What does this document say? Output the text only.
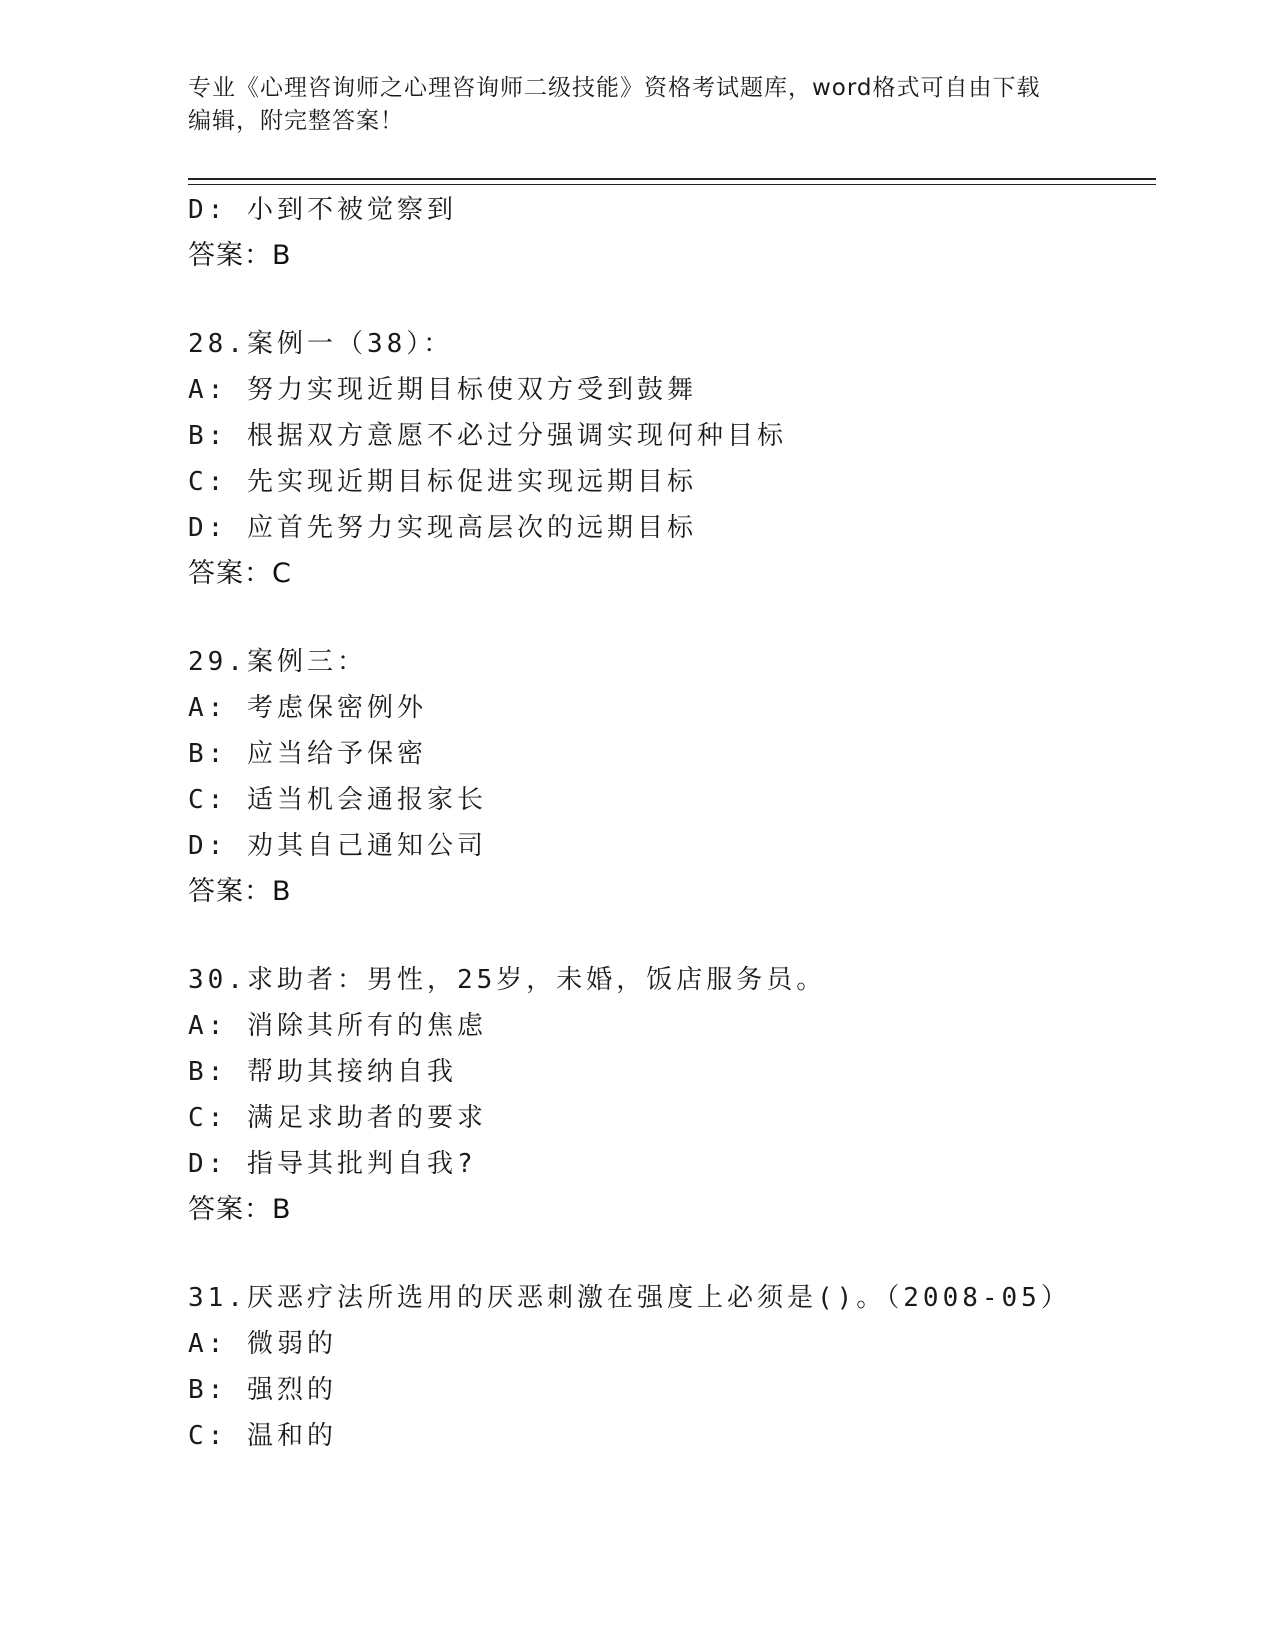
专业《心理咨询师之心理咨询师二级技能》资格考试题库，word格式可自由下载
编辑，附完整答案！
D: 小到不被觉察到
答案：B
28.案例一（38）：
A: 努力实现近期目标使双方受到鼓舞
B: 根据双方意愿不必过分强调实现何种目标
C: 先实现近期目标促进实现远期目标
D: 应首先努力实现高层次的远期目标
答案：C
29.案例三：
A: 考虑保密例外
B: 应当给予保密
C: 适当机会通报家长
D: 劝其自己通知公司
答案：B
30.求助者：男性，25岁，未婚，饭店服务员。
A: 消除其所有的焦虑
B: 帮助其接纳自我
C: 满足求助者的要求
D: 指导其批判自我?
答案：B
31.厌恶疗法所选用的厌恶刺激在强度上必须是()。（2008-05）
A: 微弱的
B: 强烈的
C: 温和的
